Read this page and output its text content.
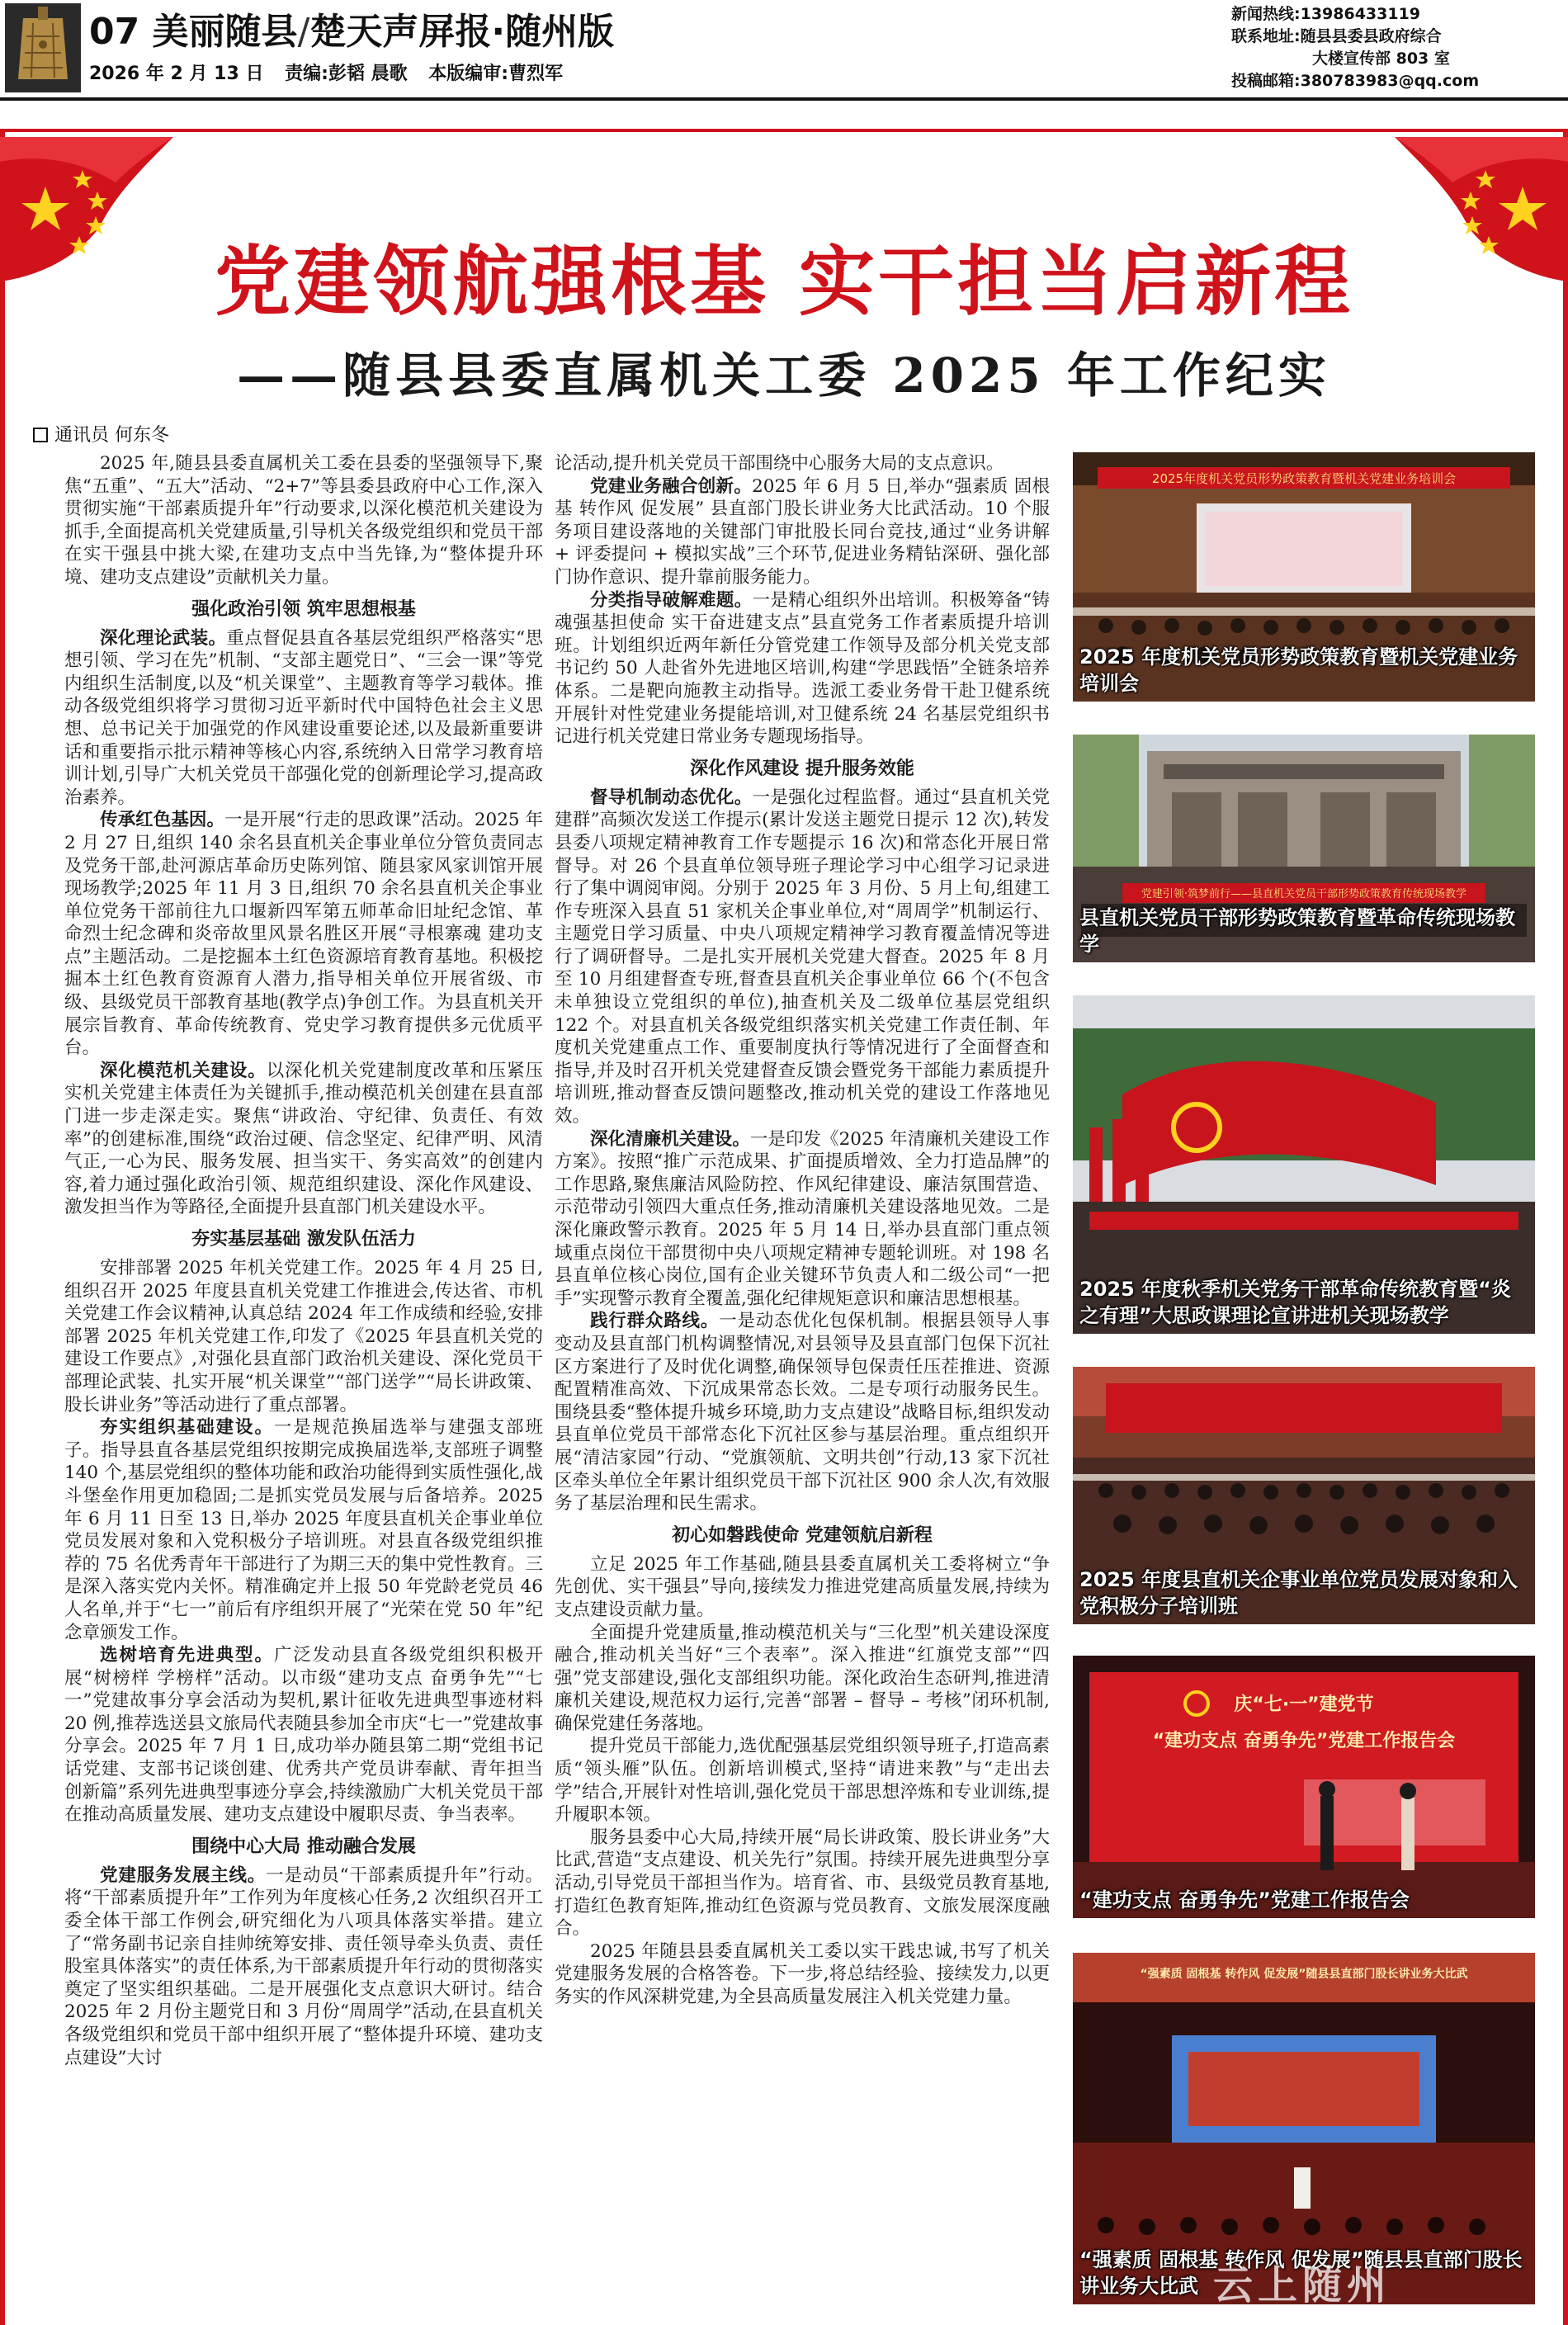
07 美丽随县/楚天声屏报·随州版
2026 年 2 月 13 日 责编:彭韬 晨歌 本版编审:曹烈军
新闻热线:13986433119
联系地址:随县县委县政府综合

大楼宣传部 803 室
投稿邮箱:380783983@qq.com
党建领航强根基 实干担当启新程
——随县县委直属机关工委 2025 年工作纪实
通讯员 何东冬

2025 年,随县县委直属机关工委在县委的坚强领导下,聚焦“五重”、“五大”活动、“2+7”等县委县政府中心工作,深入贯彻实施“干部素质提升年”行动要求,以深化模范机关建设为抓手,全面提高机关党建质量,引导机关各级党组织和党员干部在实干强县中挑大梁,在建功支点中当先锋,为“整体提升环境、建功支点建设”贡献机关力量。

强化政治引领 筑牢思想根基

深化理论武装。重点督促县直各基层党组织严格落实“思想引领、学习在先”机制、“支部主题党日”、“三会一课”等党内组织生活制度,以及“机关课堂”、主题教育等学习载体。推动各级党组织将学习贯彻习近平新时代中国特色社会主义思想、总书记关于加强党的作风建设重要论述,以及最新重要讲话和重要指示批示精神等核心内容,系统纳入日常学习教育培训计划,引导广大机关党员干部强化党的创新理论学习,提高政治素养。

传承红色基因。一是开展“行走的思政课”活动。2025 年 2 月 27 日,组织 140 余名县直机关企事业单位分管负责同志及党务干部,赴河源店革命历史陈列馆、随县家风家训馆开展现场教学;2025 年 11 月 3 日,组织 70 余名县直机关企事业单位党务干部前往九口堰新四军第五师革命旧址纪念馆、革命烈士纪念碑和炎帝故里风景名胜区开展“寻根寨魂 建功支点”主题活动。二是挖掘本土红色资源培育教育基地。积极挖掘本土红色教育资源育人潜力,指导相关单位开展省级、市级、县级党员干部教育基地(教学点)争创工作。为县直机关开展宗旨教育、革命传统教育、党史学习教育提供多元优质平台。

深化模范机关建设。以深化机关党建制度改革和压紧压实机关党建主体责任为关键抓手,推动模范机关创建在县直部门进一步走深走实。聚焦“讲政治、守纪律、负责任、有效率”的创建标准,围绕“政治过硬、信念坚定、纪律严明、风清气正,一心为民、服务发展、担当实干、务实高效”的创建内容,着力通过强化政治引领、规范组织建设、深化作风建设、激发担当作为等路径,全面提升县直部门机关建设水平。

夯实基层基础 激发队伍活力

安排部署 2025 年机关党建工作。2025 年 4 月 25 日,组织召开 2025 年度县直机关党建工作推进会,传达省、市机关党建工作会议精神,认真总结 2024 年工作成绩和经验,安排部署 2025 年机关党建工作,印发了《2025 年县直机关党的建设工作要点》,对强化县直部门政治机关建设、深化党员干部理论武装、扎实开展“机关课堂”“部门送学”“局长讲政策、股长讲业务”等活动进行了重点部署。

夯实组织基础建设。一是规范换届选举与建强支部班子。指导县直各基层党组织按期完成换届选举,支部班子调整 140 个,基层党组织的整体功能和政治功能得到实质性强化,战斗堡垒作用更加稳固;二是抓实党员发展与后备培养。2025 年 6 月 11 日至 13 日,举办 2025 年度县直机关企事业单位党员发展对象和入党积极分子培训班。对县直各级党组织推荐的 75 名优秀青年干部进行了为期三天的集中党性教育。三是深入落实党内关怀。精准确定并上报 50 年党龄老党员 46 人名单,并于“七一”前后有序组织开展了“光荣在党 50 年”纪念章颁发工作。

选树培育先进典型。广泛发动县直各级党组织积极开展“树榜样 学榜样”活动。以市级“建功支点 奋勇争先”“七一”党建故事分享会活动为契机,累计征收先进典型事迹材料 20 例,推荐选送县文旅局代表随县参加全市庆“七一”党建故事分享会。2025 年 7 月 1 日,成功举办随县第二期“党组书记话党建、支部书记谈创建、优秀共产党员讲奉献、青年担当创新篇”系列先进典型事迹分享会,持续激励广大机关党员干部在推动高质量发展、建功支点建设中履职尽责、争当表率。

围绕中心大局 推动融合发展

党建服务发展主线。一是动员“干部素质提升年”行动。将“干部素质提升年”工作列为年度核心任务,2 次组织召开工委全体干部工作例会,研究细化为八项具体落实举措。建立了“常务副书记亲自挂帅统筹安排、责任领导牵头负责、责任股室具体落实”的责任体系,为干部素质提升年行动的贯彻落实奠定了坚实组织基础。二是开展强化支点意识大研讨。结合 2025 年 2 月份主题党日和 3 月份“周周学”活动,在县直机关各级党组织和党员干部中组织开展了“整体提升环境、建功支点建设”大讨

论活动,提升机关党员干部围绕中心服务大局的支点意识。

党建业务融合创新。2025 年 6 月 5 日,举办“强素质 固根基 转作风 促发展” 县直部门股长讲业务大比武活动。10 个服务项目建设落地的关键部门审批股长同台竞技,通过“业务讲解 + 评委提问 + 模拟实战”三个环节,促进业务精钻深研、强化部门协作意识、提升靠前服务能力。

分类指导破解难题。一是精心组织外出培训。积极筹备“铸魂强基担使命 实干奋进建支点”县直党务工作者素质提升培训班。计划组织近两年新任分管党建工作领导及部分机关党支部书记约 50 人赴省外先进地区培训,构建“学思践悟”全链条培养体系。二是靶向施教主动指导。选派工委业务骨干赴卫健系统开展针对性党建业务提能培训,对卫健系统 24 名基层党组织书记进行机关党建日常业务专题现场指导。

深化作风建设 提升服务效能

督导机制动态优化。一是强化过程监督。通过“县直机关党建群”高频次发送工作提示(累计发送主题党日提示 12 次),转发县委八项规定精神教育工作专题提示 16 次)和常态化开展日常督导。对 26 个县直单位领导班子理论学习中心组学习记录进行了集中调阅审阅。分别于 2025 年 3 月份、5 月上旬,组建工作专班深入县直 51 家机关企事业单位,对“周周学”机制运行、主题党日学习质量、中央八项规定精神学习教育覆盖情况等进行了调研督导。二是扎实开展机关党建大督查。2025 年 8 月至 10 月组建督查专班,督查县直机关企事业单位 66 个(不包含未单独设立党组织的单位),抽查机关及二级单位基层党组织 122 个。对县直机关各级党组织落实机关党建工作责任制、年度机关党建重点工作、重要制度执行等情况进行了全面督查和指导,并及时召开机关党建督查反馈会暨党务干部能力素质提升培训班,推动督查反馈问题整改,推动机关党的建设工作落地见效。

深化清廉机关建设。一是印发《2025 年清廉机关建设工作方案》。按照“推广示范成果、扩面提质增效、全力打造品牌”的工作思路,聚焦廉洁风险防控、作风纪律建设、廉洁氛围营造、示范带动引领四大重点任务,推动清廉机关建设落地见效。二是深化廉政警示教育。2025 年 5 月 14 日,举办县直部门重点领域重点岗位干部贯彻中央八项规定精神专题轮训班。对 198 名县直单位核心岗位,国有企业关键环节负责人和二级公司“一把手”实现警示教育全覆盖,强化纪律规矩意识和廉洁思想根基。

践行群众路线。一是动态优化包保机制。根据县领导人事变动及县直部门机构调整情况,对县领导及县直部门包保下沉社区方案进行了及时优化调整,确保领导包保责任压茬推进、资源配置精准高效、下沉成果常态长效。二是专项行动服务民生。围绕县委“整体提升城乡环境,助力支点建设”战略目标,组织发动县直单位党员干部常态化下沉社区参与基层治理。重点组织开展“清洁家园”行动、“党旗领航、文明共创”行动,13 家下沉社区牵头单位全年累计组织党员干部下沉社区 900 余人次,有效服务了基层治理和民生需求。

初心如磐践使命 党建领航启新程

立足 2025 年工作基础,随县县委直属机关工委将树立“争先创优、实干强县”导向,接续发力推进党建高质量发展,持续为支点建设贡献力量。

全面提升党建质量,推动模范机关与“三化型”机关建设深度融合,推动机关当好“三个表率”。深入推进“红旗党支部”“四强”党支部建设,强化支部组织功能。深化政治生态研判,推进清廉机关建设,规范权力运行,完善“部署 – 督导 – 考核”闭环机制,确保党建任务落地。

提升党员干部能力,选优配强基层党组织领导班子,打造高素质“领头雁”队伍。创新培训模式,坚持“请进来教”与“走出去学”结合,开展针对性培训,强化党员干部思想淬炼和专业训练,提升履职本领。

服务县委中心大局,持续开展“局长讲政策、股长讲业务”大比武,营造“支点建设、机关先行”氛围。持续开展先进典型分享活动,引导党员干部担当作为。培育省、市、县级党员教育基地,打造红色教育矩阵,推动红色资源与党员教育、文旅发展深度融合。

2025 年随县县委直属机关工委以实干践忠诚,书写了机关党建服务发展的合格答卷。下一步,将总结经验、接续发力,以更务实的作风深耕党建,为全县高质量发展注入机关党建力量。

2025年度机关党员形势政策教育暨机关党建业务培训会
2025 年度机关党员形势政策教育暨机关党建业务培训会
党建引领·筑梦前行——县直机关党员干部形势政策教育传统现场教学
县直机关党员干部形势政策教育暨革命传统现场教学
2025 年度秋季机关党务干部革命传统教育暨“炎之有理”大思政课理论宣讲进机关现场教学
2025 年度县直机关企事业单位党员发展对象和入党积极分子培训班
庆“七·一”建党节
“建功支点 奋勇争先”党建工作报告会
“建功支点 奋勇争先”党建工作报告会
“强素质 固根基 转作风 促发展”随县县直部门股长讲业务大比武
“强素质 固根基 转作风 促发展”随县县直部门股长讲业务大比武 云上随州
